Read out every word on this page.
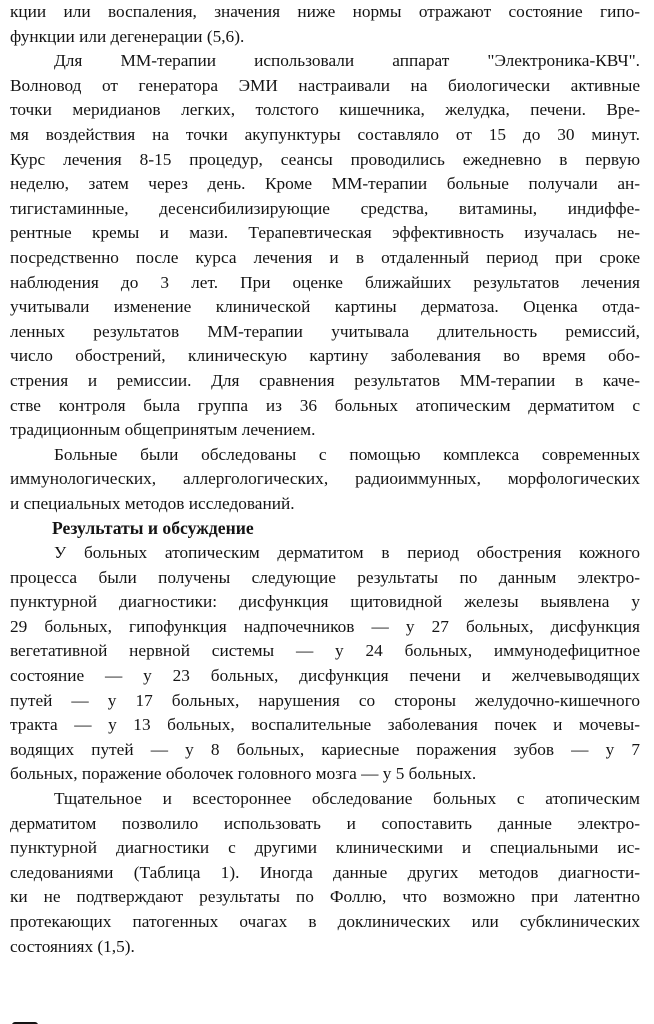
кции или воспаления, значения ниже нормы отражают состояние гипо-
функции или дегенерации (5,6).

Для ММ-терапии использовали аппарат "Электроника-КВЧ".
Волновод от генератора ЭМИ настраивали на биологически активные
точки меридианов легких, толстого кишечника, желудка, печени. Вре-
мя воздействия на точки акупунктуры составляло от 15 до 30 минут.
Курс лечения 8-15 процедур, сеансы проводились ежедневно в первую
неделю, затем через день. Кроме ММ-терапии больные получали ан-
тигистаминные, десенсибилизирующие средства, витамины, индиффе-
рентные кремы и мази. Терапевтическая эффективность изучалась не-
посредственно после курса лечения и в отдаленный период при сроке
наблюдения до 3 лет. При оценке ближайших результатов лечения
учитывали изменение клинической картины дерматоза. Оценка отда-
ленных результатов ММ-терапии учитывала длительность ремиссий,
число обострений, клиническую картину заболевания во время обо-
стрения и ремиссии. Для сравнения результатов ММ-терапии в каче-
стве контроля была группа из 36 больных атопическим дерматитом с
традиционным общепринятым лечением.

Больные были обследованы с помощью комплекса современных
иммунологических, аллергологических, радиоиммунных, морфологических
и специальных методов исследований.

Результаты и обсуждение

У больных атопическим дерматитом в период обострения кожного
процесса были получены следующие результаты по данным электро-
пунктурной диагностики: дисфункция щитовидной железы выявлена у
29 больных, гипофункция надпочечников — у 27 больных, дисфункция
вегетативной нервной системы — у 24 больных, иммунодефицитное
состояние — у 23 больных, дисфункция печени и желчевыводящих
путей — у 17 больных, нарушения со стороны желудочно-кишечного
тракта — у 13 больных, воспалительные заболевания почек и мочевы-
водящих путей — у 8 больных, кариесные поражения зубов — у 7
больных, поражение оболочек головного мозга — у 5 больных.

Тщательное и всестороннее обследование больных с атопическим
дерматитом позволило использовать и сопоставить данные электро-
пунктурной диагностики с другими клиническими и специальными ис-
следованиями (Таблица 1). Иногда данные других методов диагности-
ки не подтверждают результаты по Фоллю, что возможно при латентно
протекающих патогенных очагах в доклинических или субклинических
состояниях (1,5).
